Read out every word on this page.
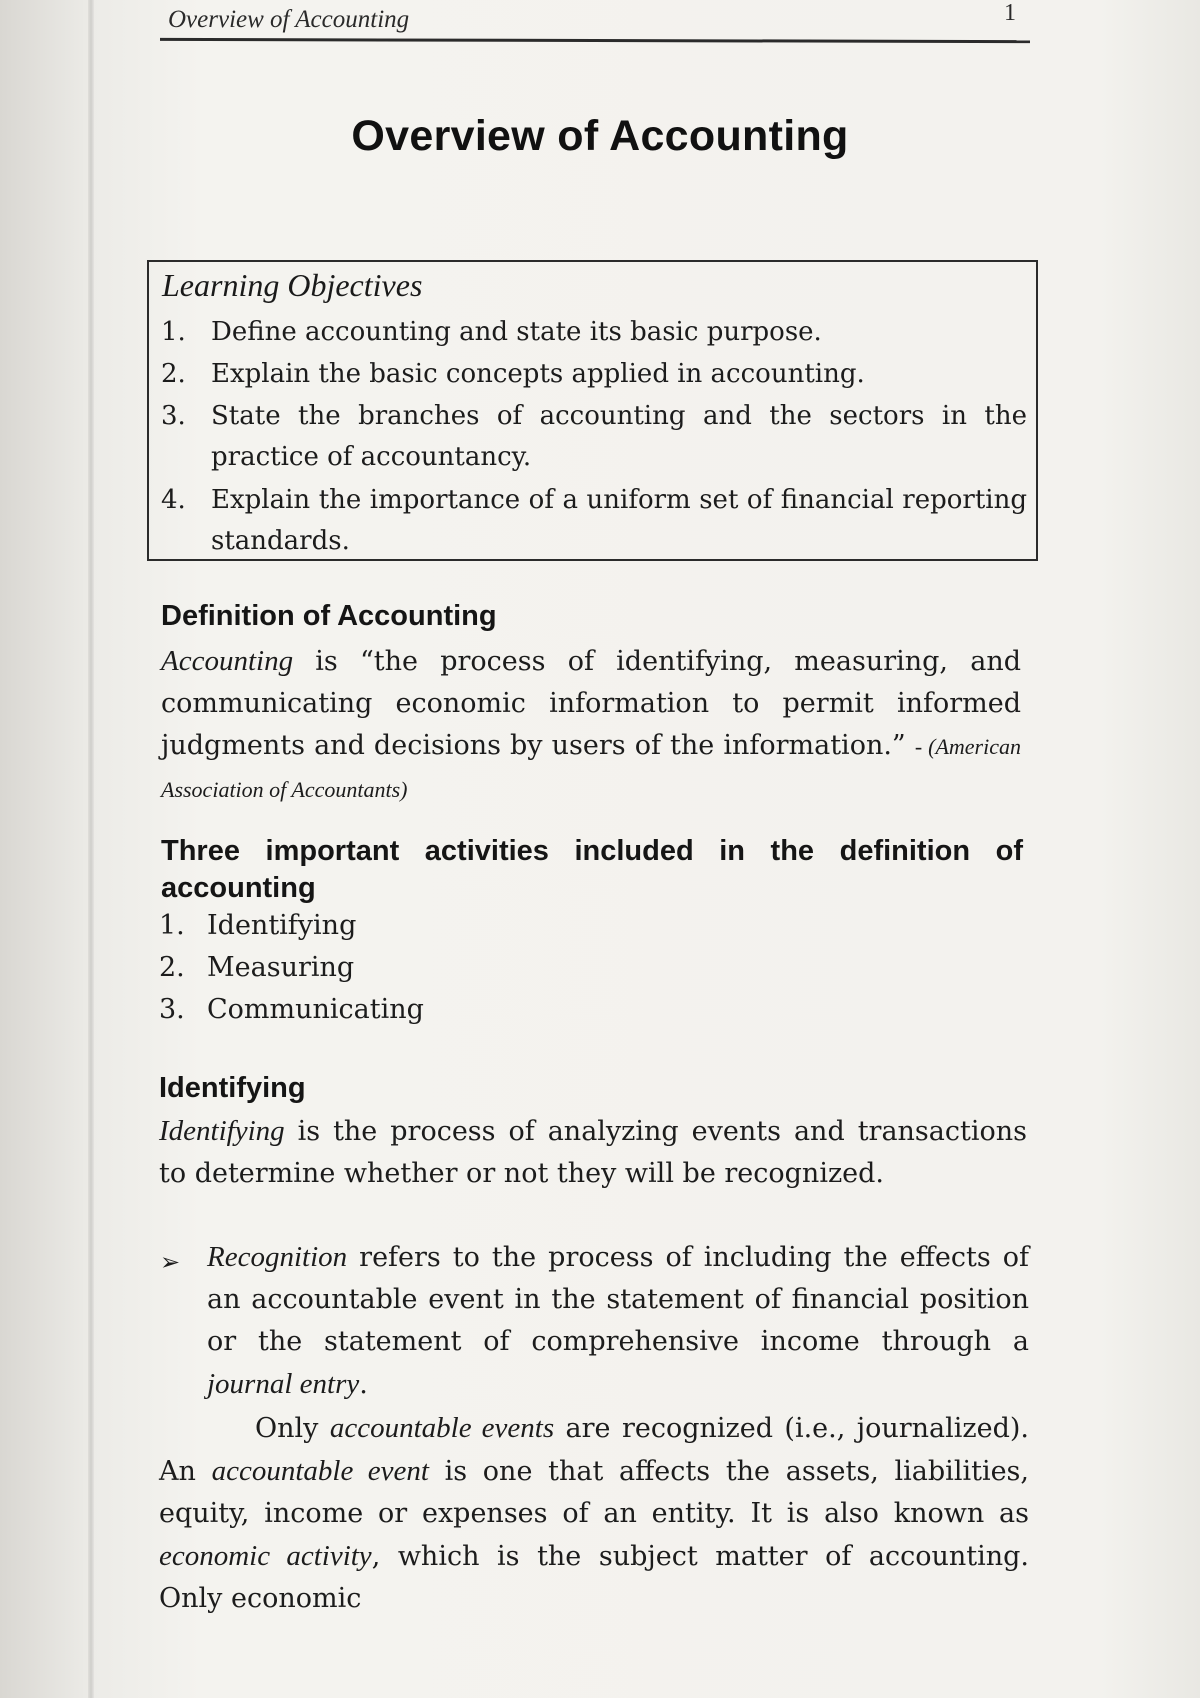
Overview of Accounting	1
Overview of Accounting
Learning Objectives
1. Define accounting and state its basic purpose.
2. Explain the basic concepts applied in accounting.
3. State the branches of accounting and the sectors in the practice of accountancy.
4. Explain the importance of a uniform set of financial reporting standards.
Definition of Accounting
Accounting is “the process of identifying, measuring, and communicating economic information to permit informed judgments and decisions by users of the information.” - (American Association of Accountants)
Three important activities included in the definition of accounting
1. Identifying
2. Measuring
3. Communicating
Identifying
Identifying is the process of analyzing events and transactions to determine whether or not they will be recognized.
➢ Recognition refers to the process of including the effects of an accountable event in the statement of financial position or the statement of comprehensive income through a journal entry.
Only accountable events are recognized (i.e., journalized). An accountable event is one that affects the assets, liabilities, equity, income or expenses of an entity. It is also known as economic activity, which is the subject matter of accounting. Only economic
